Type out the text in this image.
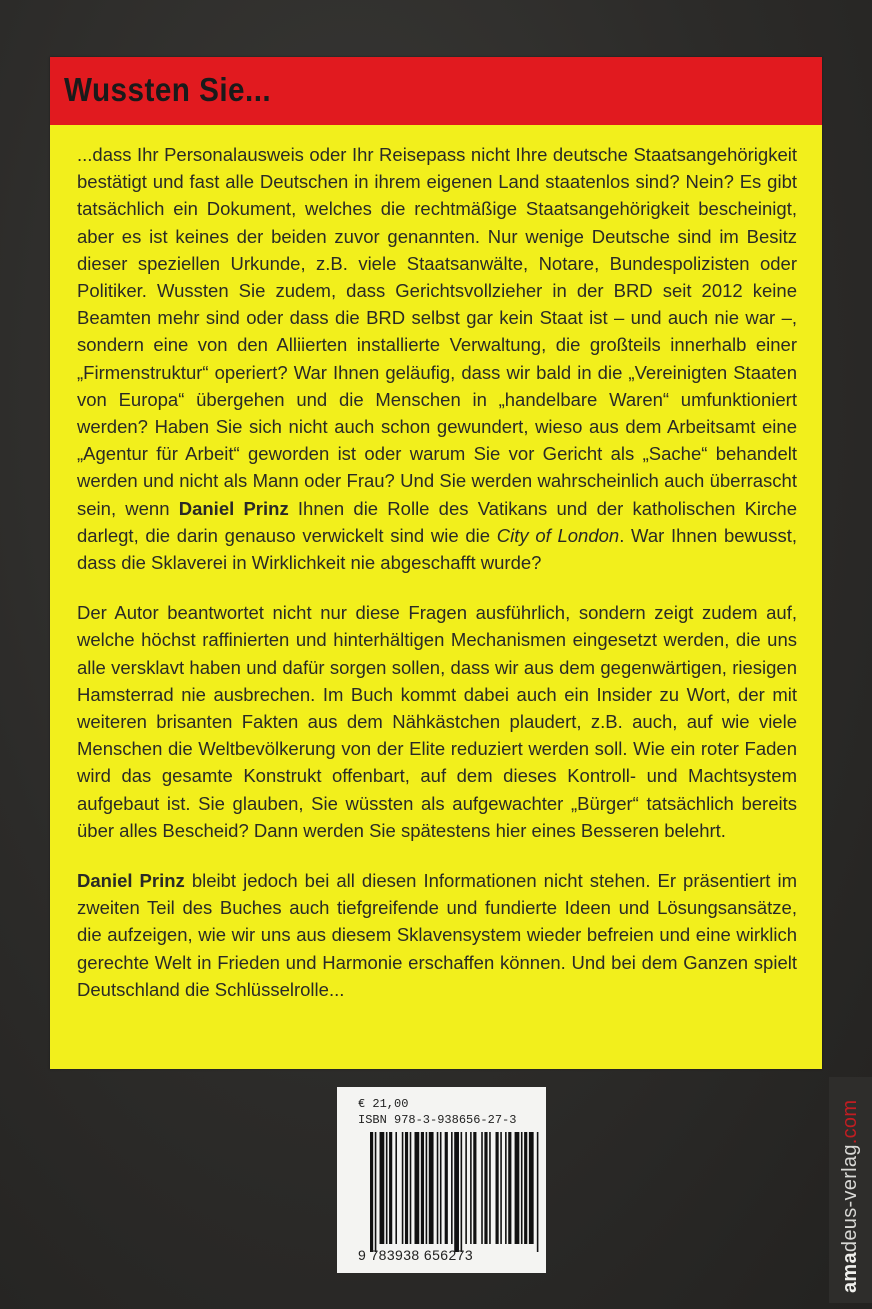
Wussten Sie...

...dass Ihr Personalausweis oder Ihr Reisepass nicht Ihre deutsche Staatsangehörigkeit bestätigt und fast alle Deutschen in ihrem eigenen Land staatenlos sind? Nein? Es gibt tatsächlich ein Dokument, welches die rechtmäßige Staatsangehörigkeit bescheinigt, aber es ist keines der beiden zuvor genannten. Nur wenige Deutsche sind im Besitz dieser speziellen Urkunde, z.B. viele Staatsanwälte, Notare, Bundespolizisten oder Politiker. Wussten Sie zudem, dass Gerichtsvollzieher in der BRD seit 2012 keine Beamten mehr sind oder dass die BRD selbst gar kein Staat ist – und auch nie war –, sondern eine von den Alliierten installierte Verwaltung, die großteils innerhalb einer „Firmenstruktur“ operiert? War Ihnen geläufig, dass wir bald in die „Vereinigten Staaten von Europa“ übergehen und die Menschen in „handelbare Waren“ umfunktioniert werden? Haben Sie sich nicht auch schon gewundert, wieso aus dem Arbeitsamt eine „Agentur für Arbeit“ geworden ist oder warum Sie vor Gericht als „Sache“ behandelt werden und nicht als Mann oder Frau? Und Sie werden wahrscheinlich auch überrascht sein, wenn Daniel Prinz Ihnen die Rolle des Vatikans und der katholischen Kirche darlegt, die darin genauso verwickelt sind wie die City of London. War Ihnen bewusst, dass die Sklaverei in Wirklichkeit nie abgeschafft wurde?

Der Autor beantwortet nicht nur diese Fragen ausführlich, sondern zeigt zudem auf, welche höchst raffinierten und hinterhältigen Mechanismen eingesetzt werden, die uns alle versklavt haben und dafür sorgen sollen, dass wir aus dem gegenwärtigen, riesigen Hamsterrad nie ausbrechen. Im Buch kommt dabei auch ein Insider zu Wort, der mit weiteren brisanten Fakten aus dem Nähkästchen plaudert, z.B. auch, auf wie viele Menschen die Weltbevölkerung von der Elite reduziert werden soll. Wie ein roter Faden wird das gesamte Konstrukt offenbart, auf dem dieses Kontroll- und Machtsystem aufgebaut ist. Sie glauben, Sie wüssten als aufgewachter „Bürger“ tatsächlich bereits über alles Bescheid? Dann werden Sie spätestens hier eines Besseren belehrt.

Daniel Prinz bleibt jedoch bei all diesen Informationen nicht stehen. Er präsentiert im zweiten Teil des Buches auch tiefgreifende und fundierte Ideen und Lösungsansätze, die aufzeigen, wie wir uns aus diesem Sklavensystem wieder befreien und eine wirklich gerechte Welt in Frieden und Harmonie erschaffen können. Und bei dem Ganzen spielt Deutschland die Schlüsselrolle...

€ 21,00
ISBN 978-3-938656-27-3
9 783938 656273	amadeus-verlag.com
